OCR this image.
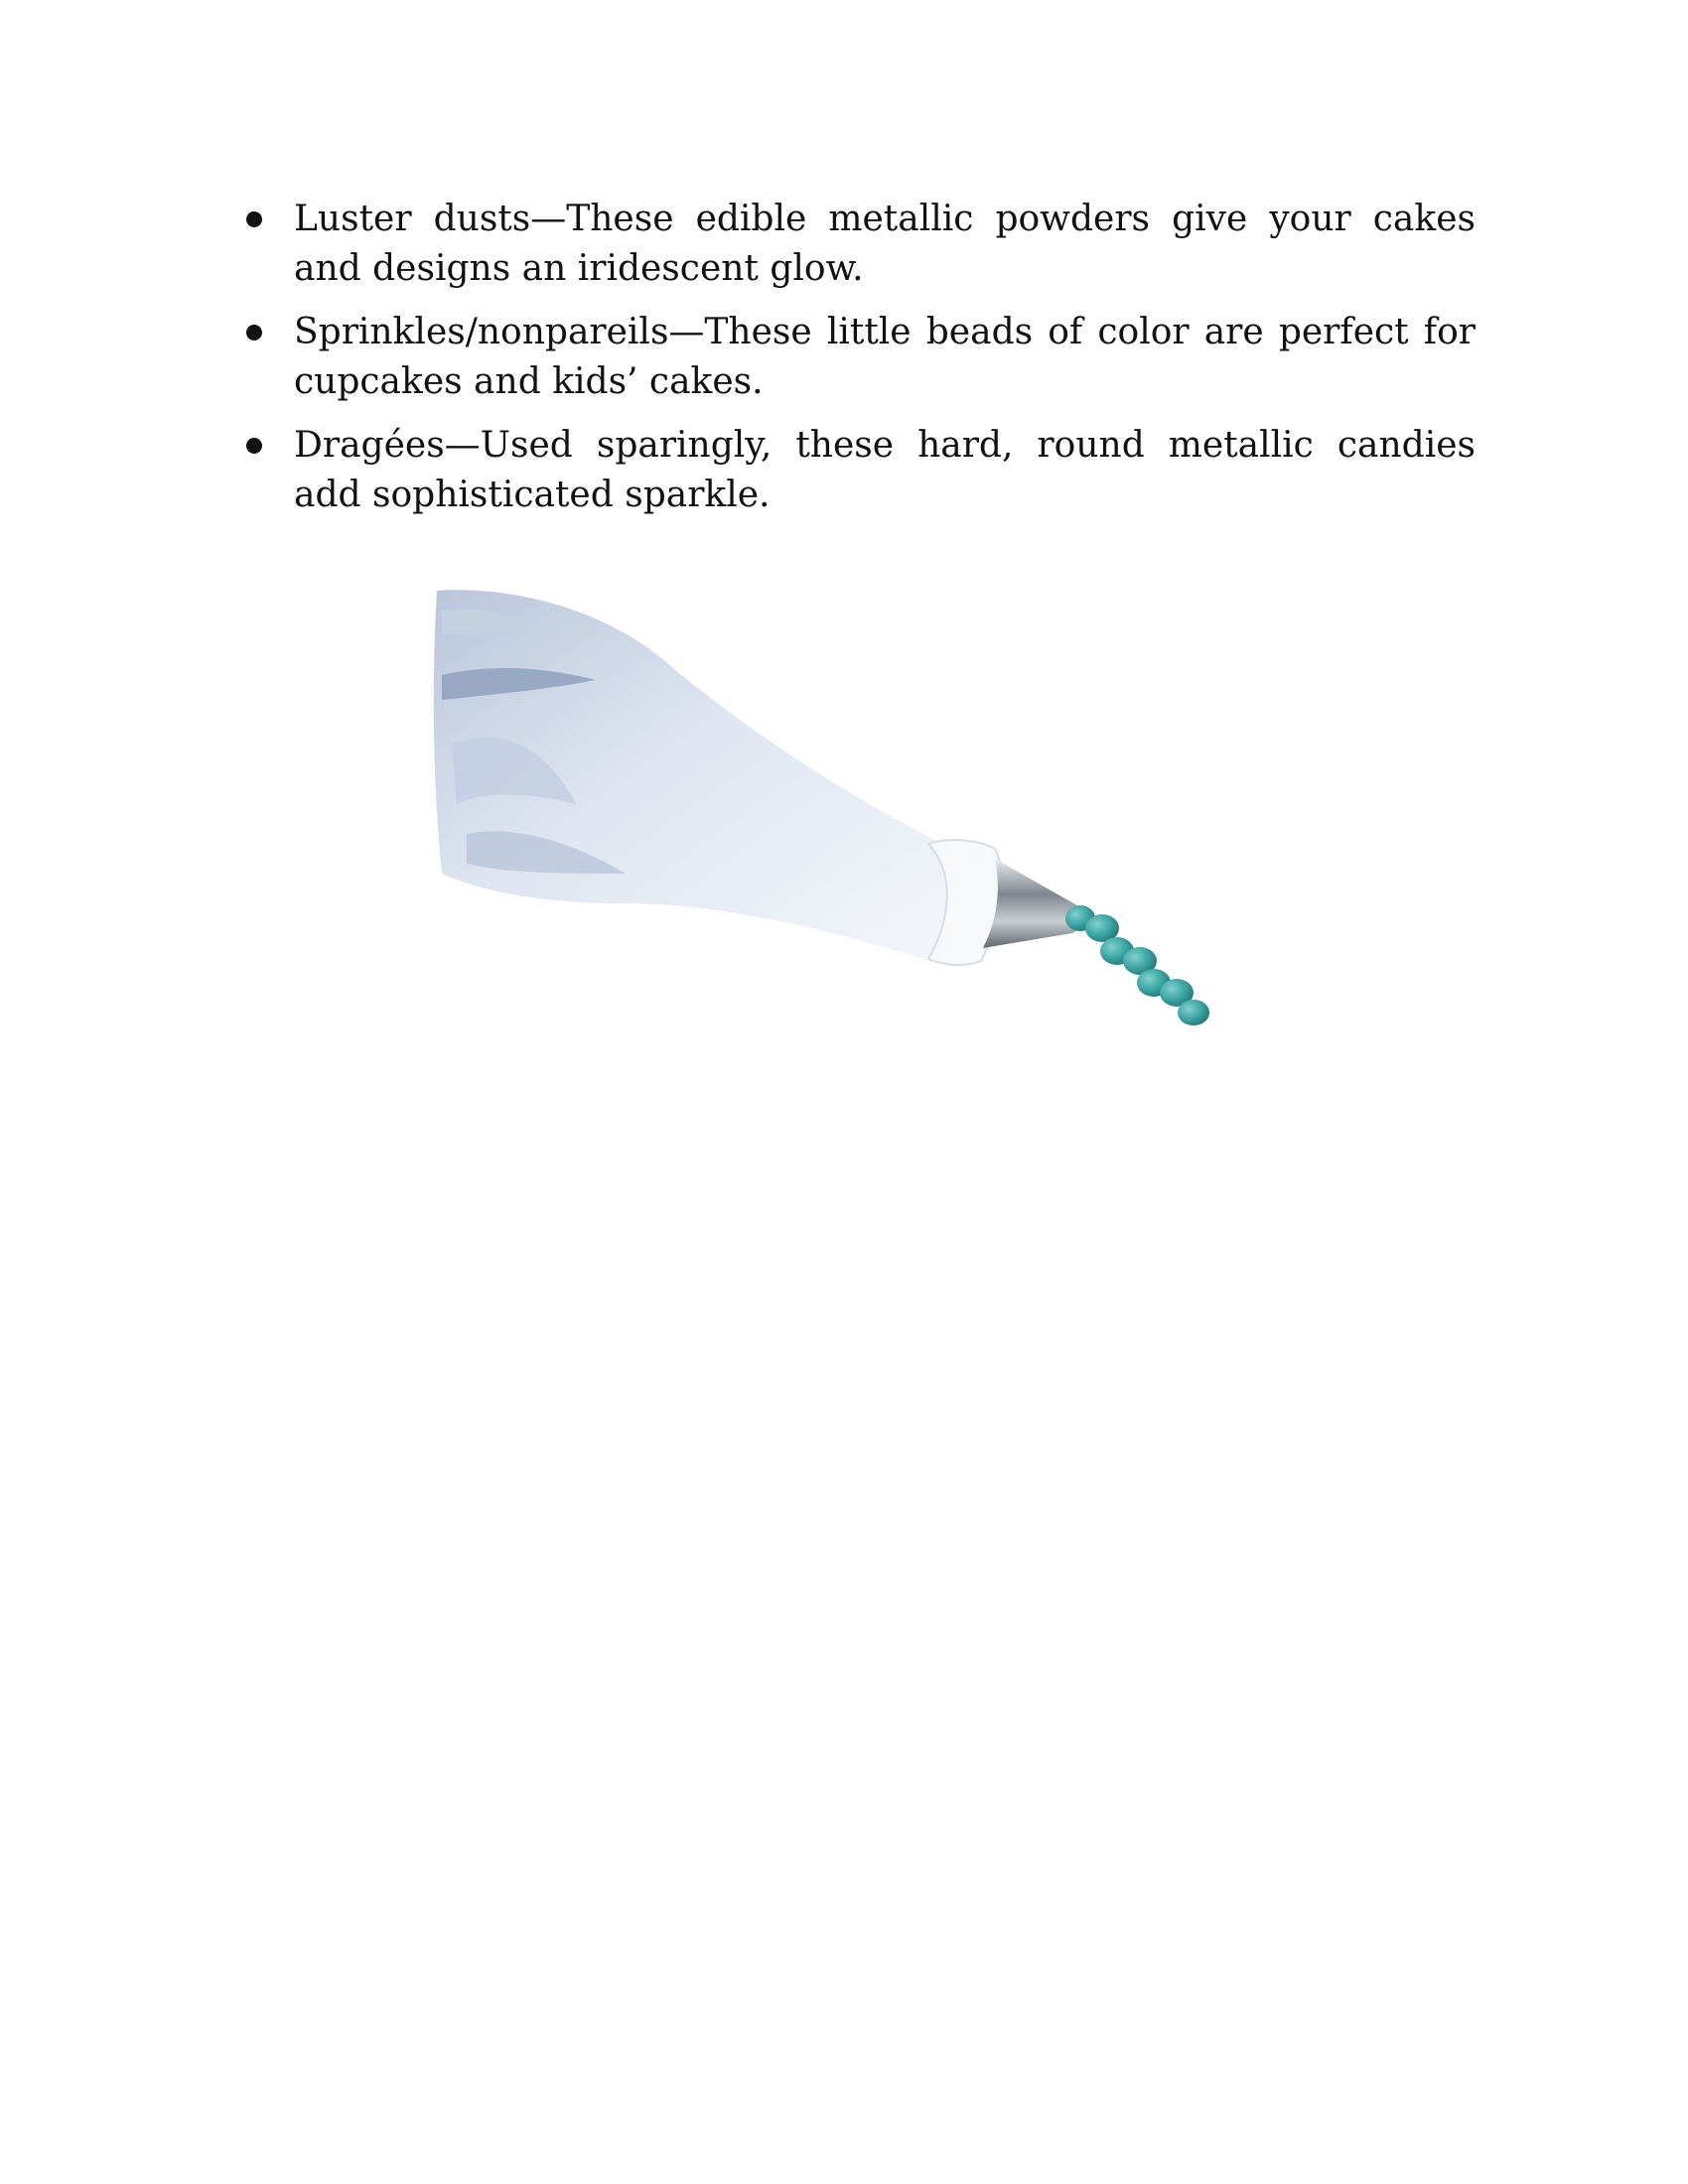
Luster dusts—These edible metallic powders give your cakes and designs an iridescent glow.
Sprinkles/nonpareils—These little beads of color are perfect for cupcakes and kids’ cakes.
Dragées—Used sparingly, these hard, round metallic candies add sophisticated sparkle.
